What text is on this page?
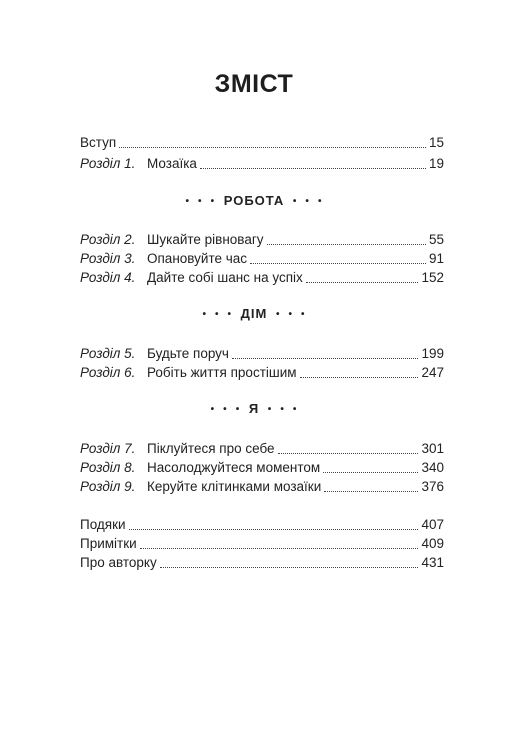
ЗМІСТ
Вступ	15
Розділ 1. Мозаїка	19
• • • РОБОТА • • •
Розділ 2. Шукайте рівновагу	55
Розділ 3. Опановуйте час	91
Розділ 4. Дайте собі шанс на успіх	152
• • • ДІМ • • •
Розділ 5. Будьте поруч	199
Розділ 6. Робіть життя простішим	247
• • • Я • • •
Розділ 7. Піклуйтеся про себе	301
Розділ 8. Насолоджуйтеся моментом	340
Розділ 9. Керуйте клітинками мозаїки	376
Подяки	407
Примітки	409
Про авторку	431
